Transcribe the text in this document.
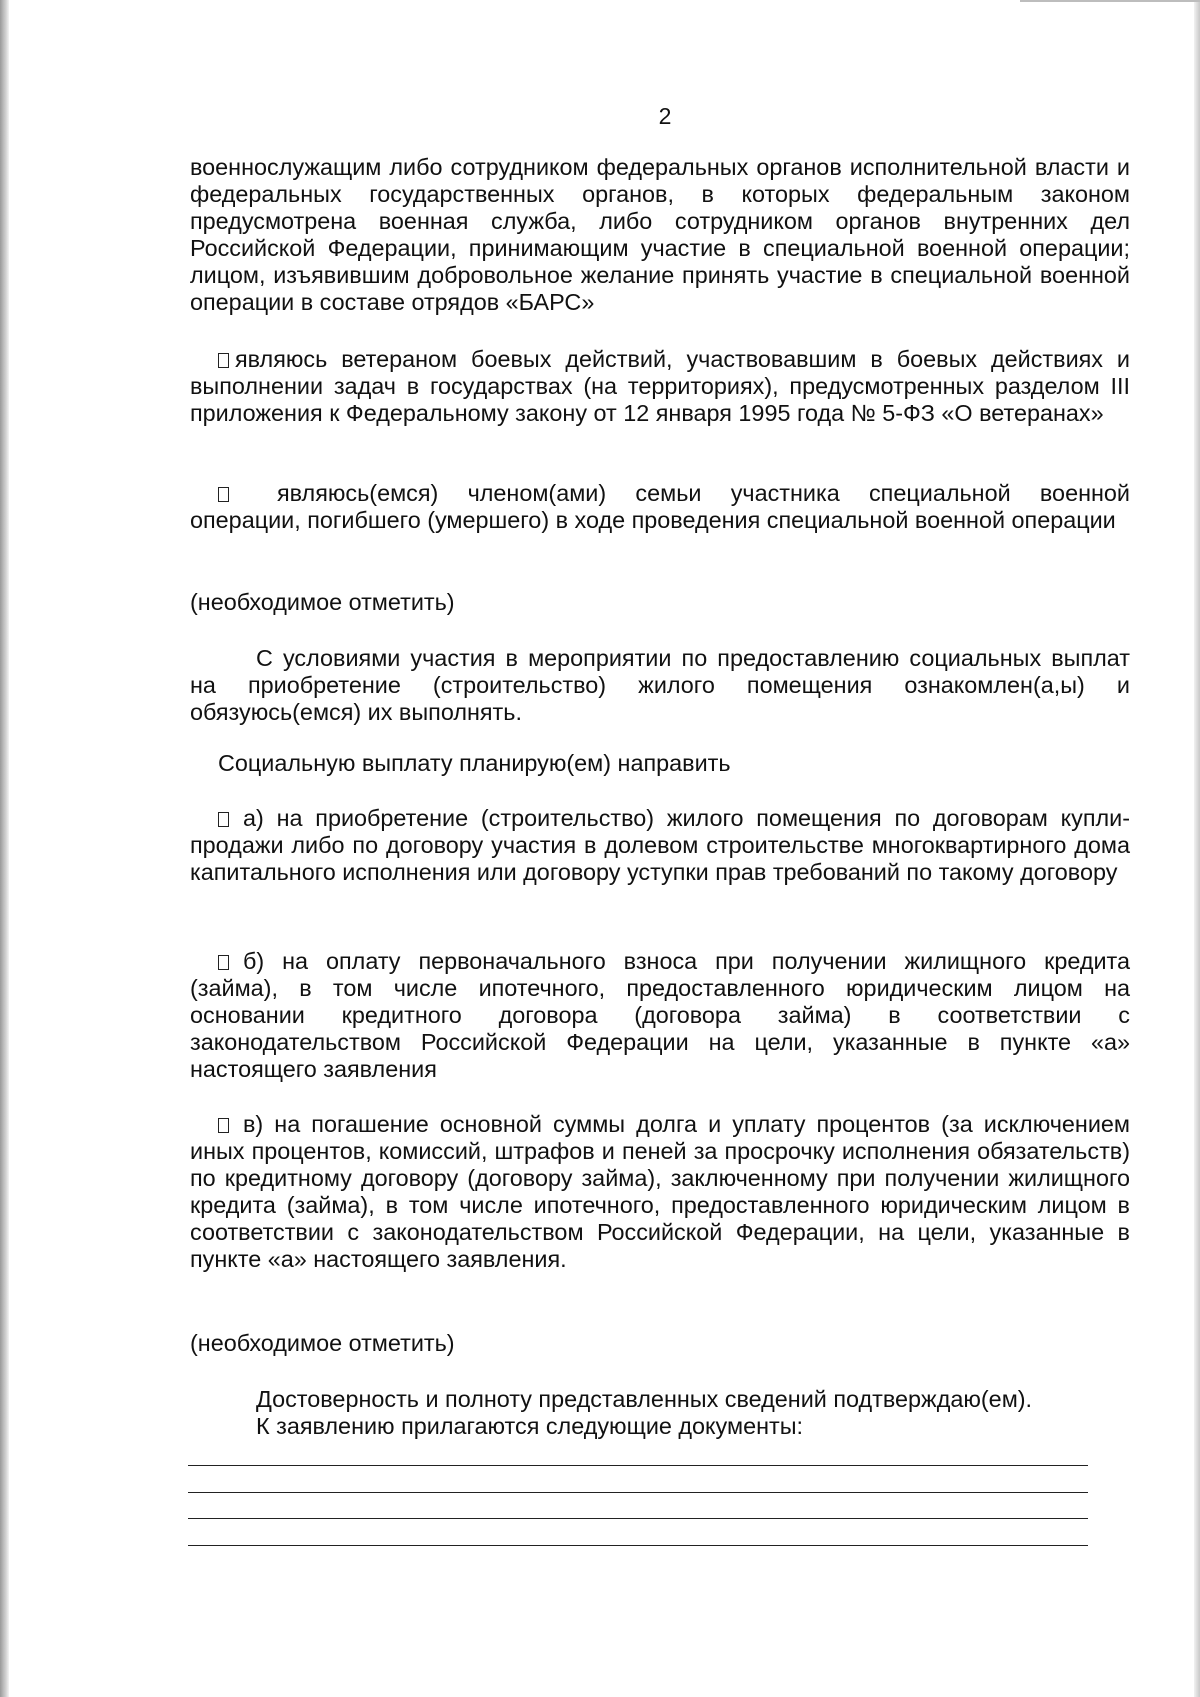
2
военнослужащим либо сотрудником федеральных органов исполнительной власти и федеральных государственных органов, в которых федеральным законом предусмотрена военная служба, либо сотрудником органов внутренних дел Российской Федерации, принимающим участие в специальной военной операции; лицом, изъявившим добровольное желание принять участие в специальной военной операции в составе отрядов «БАРС»
являюсь ветераном боевых действий, участвовавшим в боевых действиях и выполнении задач в государствах (на территориях), предусмотренных разделом III приложения к Федеральному закону от 12 января 1995 года № 5-ФЗ «О ветеранах»
являюсь(емся) членом(ами) семьи участника специальной военной операции, погибшего (умершего) в ходе проведения специальной военной операции
(необходимое отметить)
С условиями участия в мероприятии по предоставлению социальных выплат на приобретение (строительство) жилого помещения ознакомлен(а,ы) и обязуюсь(емся) их выполнять.
Социальную выплату планирую(ем) направить
а) на приобретение (строительство) жилого помещения по договорам купли-продажи либо по договору участия в долевом строительстве многоквартирного дома капитального исполнения или договору уступки прав требований по такому договору
б) на оплату первоначального взноса при получении жилищного кредита (займа), в том числе ипотечного, предоставленного юридическим лицом на основании кредитного договора (договора займа) в соответствии с законодательством Российской Федерации на цели, указанные в пункте «а» настоящего заявления
в) на погашение основной суммы долга и уплату процентов (за исключением иных процентов, комиссий, штрафов и пеней за просрочку исполнения обязательств) по кредитному договору (договору займа), заключенному при получении жилищного кредита (займа), в том числе ипотечного, предоставленного юридическим лицом в соответствии с законодательством Российской Федерации, на цели, указанные в пункте «а» настоящего заявления.
(необходимое отметить)
Достоверность и полноту представленных сведений подтверждаю(ем).
К заявлению прилагаются следующие документы:
